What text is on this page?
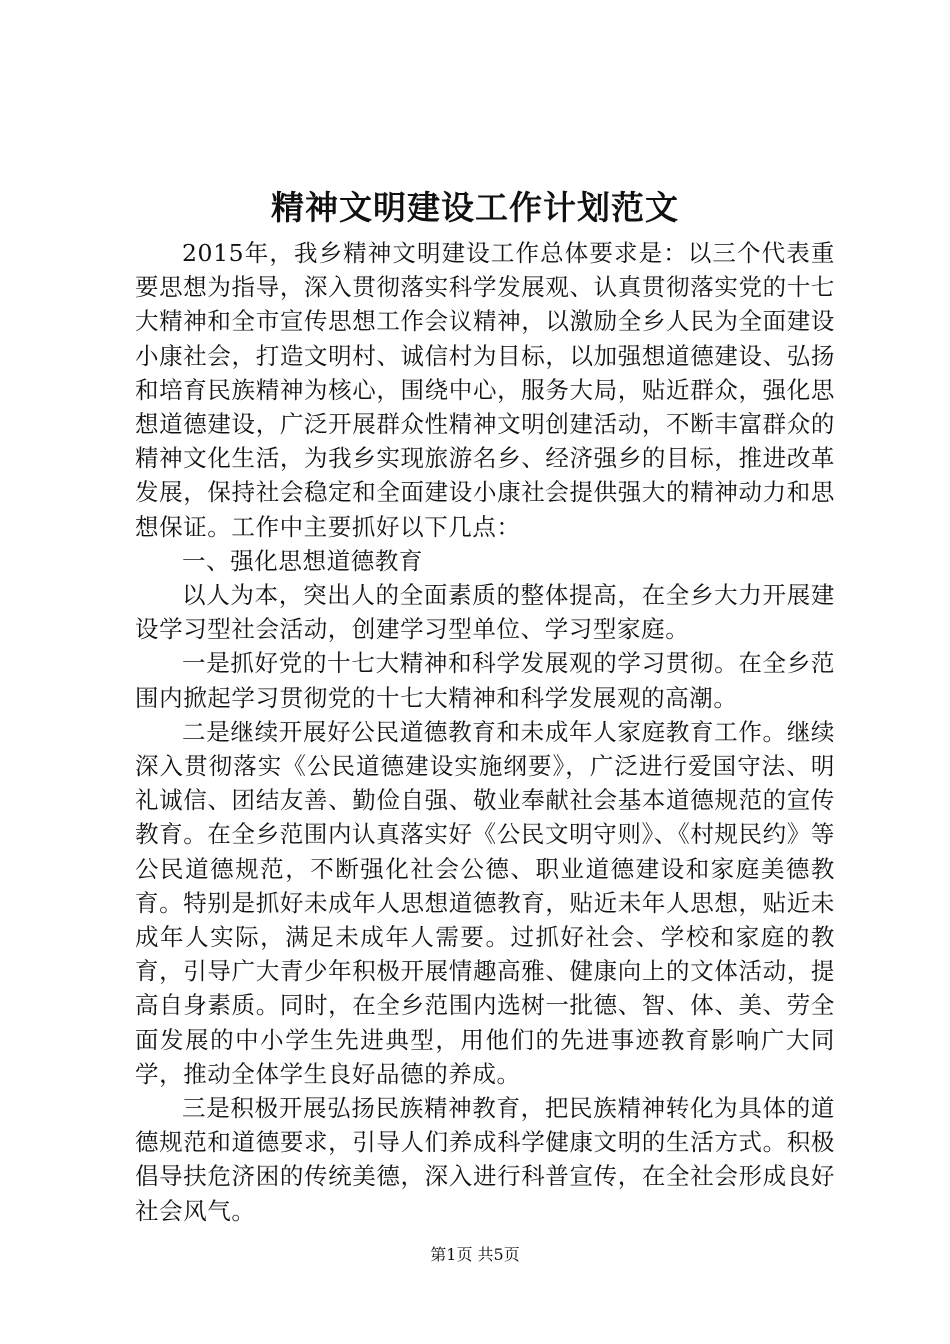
精神文明建设工作计划范文

2015年，我乡精神文明建设工作总体要求是：以三个代表重要思想为指导，深入贯彻落实科学发展观、认真贯彻落实党的十七大精神和全市宣传思想工作会议精神，以激励全乡人民为全面建设小康社会，打造文明村、诚信村为目标，以加强想道德建设、弘扬和培育民族精神为核心，围绕中心，服务大局，贴近群众，强化思想道德建设，广泛开展群众性精神文明创建活动，不断丰富群众的精神文化生活，为我乡实现旅游名乡、经济强乡的目标，推进改革发展，保持社会稳定和全面建设小康社会提供强大的精神动力和思想保证。工作中主要抓好以下几点：

一、强化思想道德教育

以人为本，突出人的全面素质的整体提高，在全乡大力开展建设学习型社会活动，创建学习型单位、学习型家庭。

一是抓好党的十七大精神和科学发展观的学习贯彻。在全乡范围内掀起学习贯彻党的十七大精神和科学发展观的高潮。

二是继续开展好公民道德教育和未成年人家庭教育工作。继续深入贯彻落实《公民道德建设实施纲要》，广泛进行爱国守法、明礼诚信、团结友善、勤俭自强、敬业奉献社会基本道德规范的宣传教育。在全乡范围内认真落实好《公民文明守则》、《村规民约》等公民道德规范，不断强化社会公德、职业道德建设和家庭美德教育。特别是抓好未成年人思想道德教育，贴近未年人思想，贴近未成年人实际，满足未成年人需要。过抓好社会、学校和家庭的教育，引导广大青少年积极开展情趣高雅、健康向上的文体活动，提高自身素质。同时，在全乡范围内选树一批德、智、体、美、劳全面发展的中小学生先进典型，用他们的先进事迹教育影响广大同学，推动全体学生良好品德的养成。

三是积极开展弘扬民族精神教育，把民族精神转化为具体的道德规范和道德要求，引导人们养成科学健康文明的生活方式。积极倡导扶危济困的传统美德，深入进行科普宣传，在全社会形成良好社会风气。

第1页 共5页
